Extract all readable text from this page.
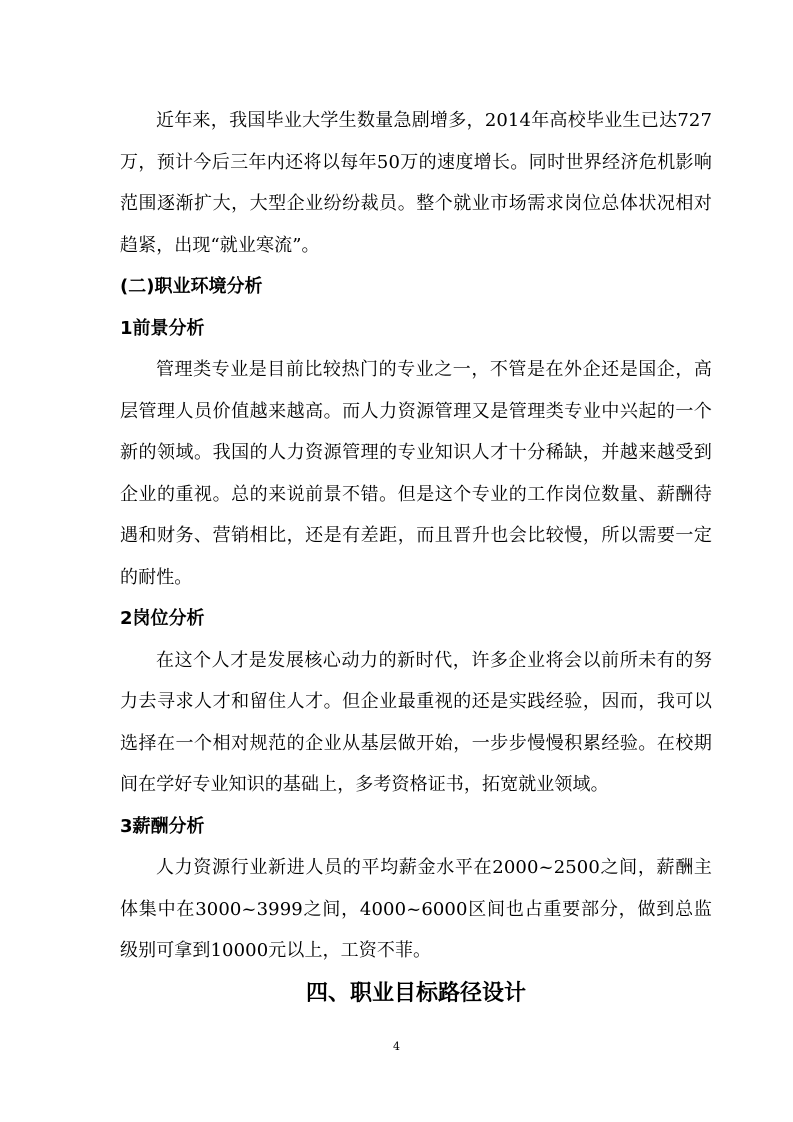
近年来，我国毕业大学生数量急剧增多，2014年高校毕业生已达727万，预计今后三年内还将以每年50万的速度增长。同时世界经济危机影响范围逐渐扩大，大型企业纷纷裁员。整个就业市场需求岗位总体状况相对趋紧，出现“就业寒流”。

(二)职业环境分析

1前景分析

管理类专业是目前比较热门的专业之一，不管是在外企还是国企，高层管理人员价值越来越高。而人力资源管理又是管理类专业中兴起的一个新的领域。我国的人力资源管理的专业知识人才十分稀缺，并越来越受到企业的重视。总的来说前景不错。但是这个专业的工作岗位数量、薪酬待遇和财务、营销相比，还是有差距，而且晋升也会比较慢，所以需要一定的耐性。

2岗位分析

在这个人才是发展核心动力的新时代，许多企业将会以前所未有的努力去寻求人才和留住人才。但企业最重视的还是实践经验，因而，我可以选择在一个相对规范的企业从基层做开始，一步步慢慢积累经验。在校期间在学好专业知识的基础上，多考资格证书，拓宽就业领域。

3薪酬分析

人力资源行业新进人员的平均薪金水平在2000~2500之间，薪酬主体集中在3000~3999之间，4000~6000区间也占重要部分，做到总监级别可拿到10000元以上，工资不菲。

四、职业目标路径设计

4
